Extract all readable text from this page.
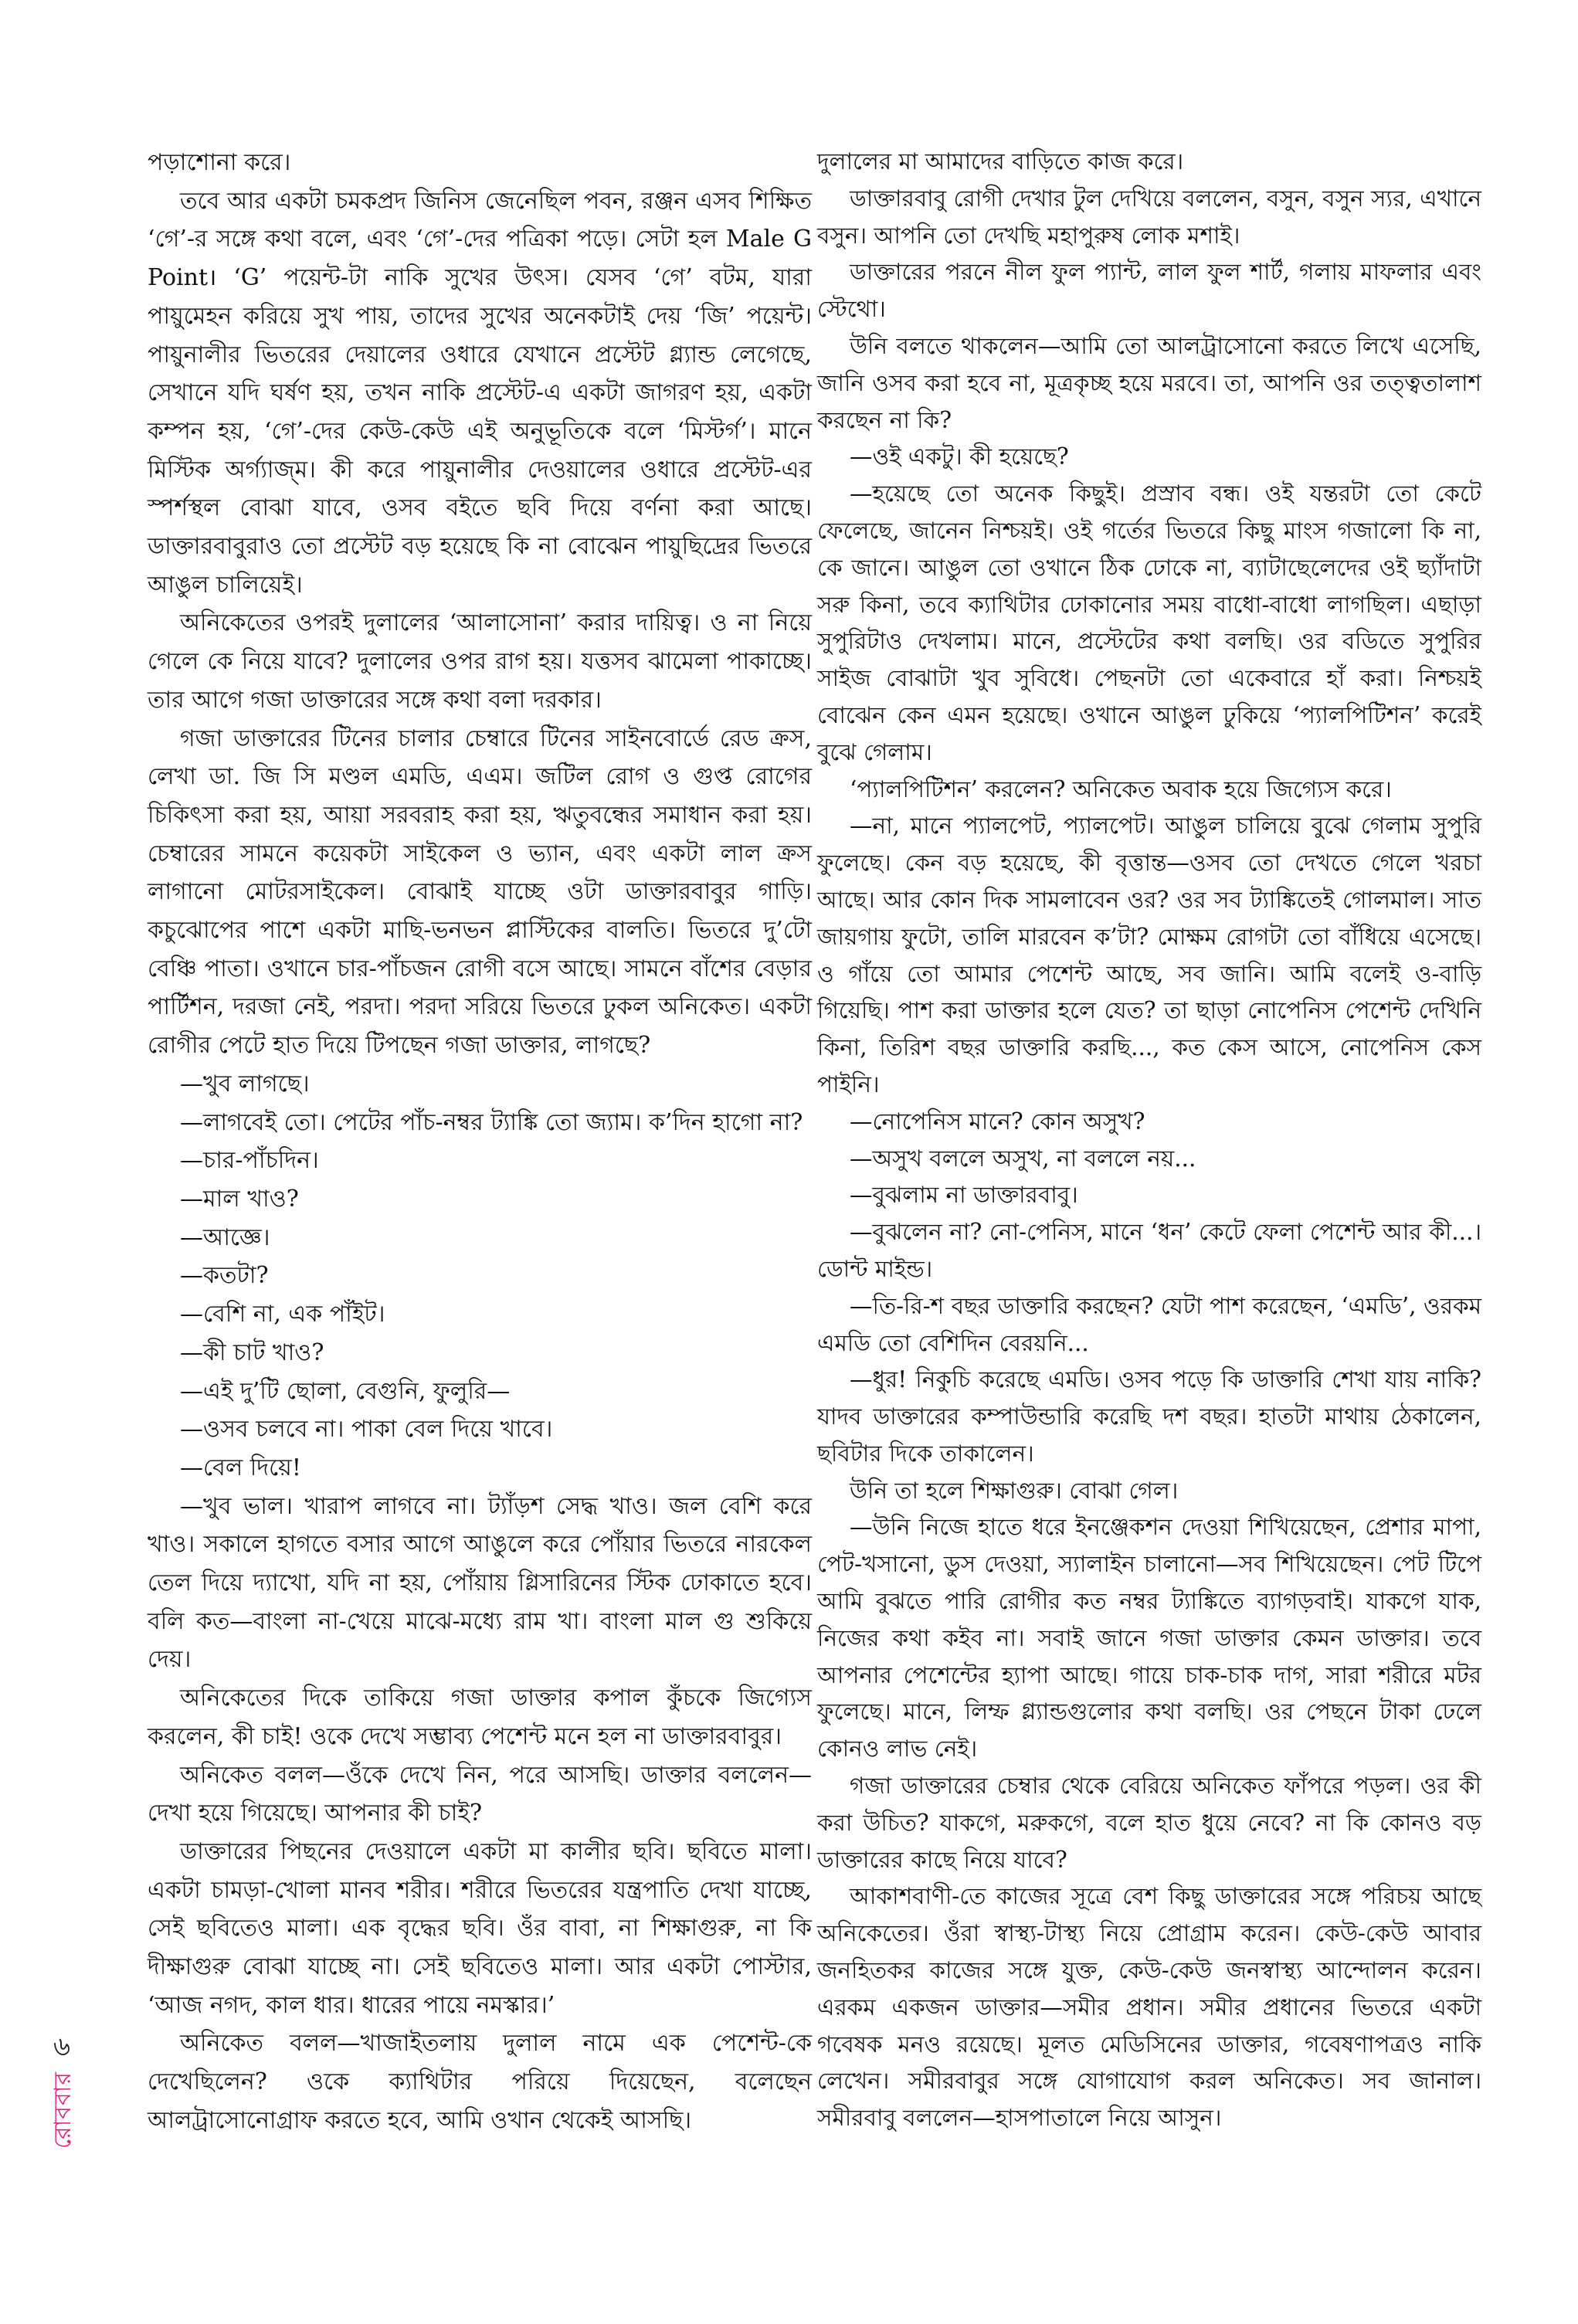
পড়াশোনা করে।

তবে আর একটা চমকপ্রদ জিনিস জেনেছিল পবন, রঞ্জন এসব শিক্ষিত ‘গে’-র সঙ্গে কথা বলে, এবং ‘গে’-দের পত্রিকা পড়ে। সেটা হল Male G Point। ‘G’ পয়েন্ট-টা নাকি সুখের উৎস। যেসব ‘গে’ বটম, যারা পায়ুমেহন করিয়ে সুখ পায়, তাদের সুখের অনেকটাই দেয় ‘জি’ পয়েন্ট। পায়ুনালীর ভিতরের দেয়ালের ওধারে যেখানে প্রস্টেট গ্ল্যান্ড লেগেছে, সেখানে যদি ঘর্ষণ হয়, তখন নাকি প্রস্টেট-এ একটা জাগরণ হয়, একটা কম্পন হয়, ‘গে’-দের কেউ-কেউ এই অনুভূতিকে বলে ‘মিস্টর্গ’। মানে মিস্টিক অর্গ্যাজ্‌ম। কী করে পায়ুনালীর দেওয়ালের ওধারে প্রস্টেট-এর স্পর্শস্থল বোঝা যাবে, ওসব বইতে ছবি দিয়ে বর্ণনা করা আছে। ডাক্তারবাবুরাও তো প্রস্টেট বড় হয়েছে কি না বোঝেন পায়ুছিদ্রের ভিতরে আঙুল চালিয়েই।

অনিকেতের ওপরই দুলালের ‘আলাসোনা’ করার দায়িত্ব। ও না নিয়ে গেলে কে নিয়ে যাবে? দুলালের ওপর রাগ হয়। যত্তসব ঝামেলা পাকাচ্ছে। তার আগে গজা ডাক্তারের সঙ্গে কথা বলা দরকার।

গজা ডাক্তারের টিনের চালার চেম্বারে টিনের সাইনবোর্ডে রেড ক্রস, লেখা ডা. জি সি মণ্ডল এমডি, এএম। জটিল রোগ ও গুপ্ত রোগের চিকিৎসা করা হয়, আয়া সরবরাহ করা হয়, ঋতুবন্ধের সমাধান করা হয়। চেম্বারের সামনে কয়েকটা সাইকেল ও ভ্যান, এবং একটা লাল ক্রস লাগানো মোটরসাইকেল। বোঝাই যাচ্ছে ওটা ডাক্তারবাবুর গাড়ি। কচুঝোপের পাশে একটা মাছি-ভনভন প্লাস্টিকের বালতি। ভিতরে দু’টো বেঞ্চি পাতা। ওখানে চার-পাঁচজন রোগী বসে আছে। সামনে বাঁশের বেড়ার পার্টিশন, দরজা নেই, পরদা। পরদা সরিয়ে ভিতরে ঢুকল অনিকেত। একটা রোগীর পেটে হাত দিয়ে টিপছেন গজা ডাক্তার, লাগছে?

—খুব লাগছে।

—লাগবেই তো। পেটের পাঁচ-নম্বর ট্যাঙ্কি তো জ্যাম। ক’দিন হাগো না?

—চার-পাঁচদিন।

—মাল খাও?

—আজ্ঞে।

—কতটা?

—বেশি না, এক পাঁইট।

—কী চাট খাও?

—এই দু’টি ছোলা, বেগুনি, ফুলুরি—

—ওসব চলবে না। পাকা বেল দিয়ে খাবে।

—বেল দিয়ে!

—খুব ভাল। খারাপ লাগবে না। ট্যাঁড়শ সেদ্ধ খাও। জল বেশি করে খাও। সকালে হাগতে বসার আগে আঙুলে করে পোঁয়ার ভিতরে নারকেল তেল দিয়ে দ্যাখো, যদি না হয়, পোঁয়ায় গ্লিসারিনের স্টিক ঢোকাতে হবে। বলি কত—বাংলা না-খেয়ে মাঝে-মধ্যে রাম খা। বাংলা মাল গু শুকিয়ে দেয়।

অনিকেতের দিকে তাকিয়ে গজা ডাক্তার কপাল কুঁচকে জিগ্যেস করলেন, কী চাই! ওকে দেখে সম্ভাব্য পেশেন্ট মনে হল না ডাক্তারবাবুর।

অনিকেত বলল—ওঁকে দেখে নিন, পরে আসছি। ডাক্তার বললেন—দেখা হয়ে গিয়েছে। আপনার কী চাই?

ডাক্তারের পিছনের দেওয়ালে একটা মা কালীর ছবি। ছবিতে মালা। একটা চামড়া-খোলা মানব শরীর। শরীরে ভিতরের যন্ত্রপাতি দেখা যাচ্ছে, সেই ছবিতেও মালা। এক বৃদ্ধের ছবি। ওঁর বাবা, না শিক্ষাগুরু, না কি দীক্ষাগুরু বোঝা যাচ্ছে না। সেই ছবিতেও মালা। আর একটা পোস্টার, ‘আজ নগদ, কাল ধার। ধারের পায়ে নমস্কার।’

অনিকেত বলল—খাজাইতলায় দুলাল নামে এক পেশেন্ট-কে দেখেছিলেন? ওকে ক্যাথিটার পরিয়ে দিয়েছেন, বলেছেন আলট্রাসোনোগ্রাফ করতে হবে, আমি ওখান থেকেই আসছি।

দুলালের মা আমাদের বাড়িতে কাজ করে।

ডাক্তারবাবু রোগী দেখার টুল দেখিয়ে বললেন, বসুন, বসুন স্যর, এখানে বসুন। আপনি তো দেখছি মহাপুরুষ লোক মশাই।

ডাক্তারের পরনে নীল ফুল প্যান্ট, লাল ফুল শার্ট, গলায় মাফলার এবং স্টেথো।

উনি বলতে থাকলেন—আমি তো আলট্রাসোনো করতে লিখে এসেছি, জানি ওসব করা হবে না, মূত্রকৃচ্ছ হয়ে মরবে। তা, আপনি ওর তত্ত্বতালাশ করছেন না কি?

—ওই একটু। কী হয়েছে?

—হয়েছে তো অনেক কিছুই। প্রস্রাব বন্ধ। ওই যন্তরটা তো কেটে ফেলেছে, জানেন নিশ্চয়ই। ওই গর্তের ভিতরে কিছু মাংস গজালো কি না, কে জানে। আঙুল তো ওখানে ঠিক ঢোকে না, ব্যাটাছেলেদের ওই ছ্যাঁদাটা সরু কিনা, তবে ক্যাথিটার ঢোকানোর সময় বাধো-বাধো লাগছিল। এছাড়া সুপুরিটাও দেখলাম। মানে, প্রস্টেটের কথা বলছি। ওর বডিতে সুপুরির সাইজ বোঝাটা খুব সুবিধে। পেছনটা তো একেবারে হাঁ করা। নিশ্চয়ই বোঝেন কেন এমন হয়েছে। ওখানে আঙুল ঢুকিয়ে ‘প্যালপিটিশন’ করেই বুঝে গেলাম।

‘প্যালপিটিশন’ করলেন? অনিকেত অবাক হয়ে জিগ্যেস করে।

—না, মানে প্যালপেট, প্যালপেট। আঙুল চালিয়ে বুঝে গেলাম সুপুরি ফুলেছে। কেন বড় হয়েছে, কী বৃত্তান্ত—ওসব তো দেখতে গেলে খরচা আছে। আর কোন দিক সামলাবেন ওর? ওর সব ট্যাঙ্কিতেই গোলমাল। সাত জায়গায় ফুটো, তালি মারবেন ক’টা? মোক্ষম রোগটা তো বাঁধিয়ে এসেছে। ও গাঁয়ে তো আমার পেশেন্ট আছে, সব জানি। আমি বলেই ও-বাড়ি গিয়েছি। পাশ করা ডাক্তার হলে যেত? তা ছাড়া নোপেনিস পেশেন্ট দেখিনি কিনা, তিরিশ বছর ডাক্তারি করছি..., কত কেস আসে, নোপেনিস কেস পাইনি।

—নোপেনিস মানে? কোন অসুখ?

—অসুখ বললে অসুখ, না বললে নয়...

—বুঝলাম না ডাক্তারবাবু।

—বুঝলেন না? নো-পেনিস, মানে ‘ধন’ কেটে ফেলা পেশেন্ট আর কী...। ডোন্ট মাইন্ড।

—তি-রি-শ বছর ডাক্তারি করছেন? যেটা পাশ করেছেন, ‘এমডি’, ওরকম এমডি তো বেশিদিন বেরয়নি...

—ধুর! নিকুচি করেছে এমডি। ওসব পড়ে কি ডাক্তারি শেখা যায় নাকি? যাদব ডাক্তারের কম্পাউন্ডারি করেছি দশ বছর। হাতটা মাথায় ঠেকালেন, ছবিটার দিকে তাকালেন।

উনি তা হলে শিক্ষাগুরু। বোঝা গেল।

—উনি নিজে হাতে ধরে ইনঞ্জেকশন দেওয়া শিখিয়েছেন, প্রেশার মাপা, পেট-খসানো, ডুস দেওয়া, স্যালাইন চালানো—সব শিখিয়েছেন। পেট টিপে আমি বুঝতে পারি রোগীর কত নম্বর ট্যাঙ্কিতে ব্যাগড়বাই। যাকগে যাক, নিজের কথা কইব না। সবাই জানে গজা ডাক্তার কেমন ডাক্তার। তবে আপনার পেশেন্টের হ্যাপা আছে। গায়ে চাক-চাক দাগ, সারা শরীরে মটর ফুলেছে। মানে, লিম্ফ গ্ল্যান্ডগুলোর কথা বলছি। ওর পেছনে টাকা ঢেলে কোনও লাভ নেই।

গজা ডাক্তারের চেম্বার থেকে বেরিয়ে অনিকেত ফাঁপরে পড়ল। ওর কী করা উচিত? যাকগে, মরুকগে, বলে হাত ধুয়ে নেবে? না কি কোনও বড় ডাক্তারের কাছে নিয়ে যাবে?

আকাশবাণী-তে কাজের সূত্রে বেশ কিছু ডাক্তারের সঙ্গে পরিচয় আছে অনিকেতের। ওঁরা স্বাস্থ্য-টাস্থ্য নিয়ে প্রোগ্রাম করেন। কেউ-কেউ আবার জনহিতকর কাজের সঙ্গে যুক্ত, কেউ-কেউ জনস্বাস্থ্য আন্দোলন করেন। এরকম একজন ডাক্তার—সমীর প্রধান। সমীর প্রধানের ভিতরে একটা গবেষক মনও রয়েছে। মূলত মেডিসিনের ডাক্তার, গবেষণাপত্রও নাকি লেখেন। সমীরবাবুর সঙ্গে যোগাযোগ করল অনিকেত। সব জানাল। সমীরবাবু বললেন—হাসপাতালে নিয়ে আসুন।

৬
রোববার
